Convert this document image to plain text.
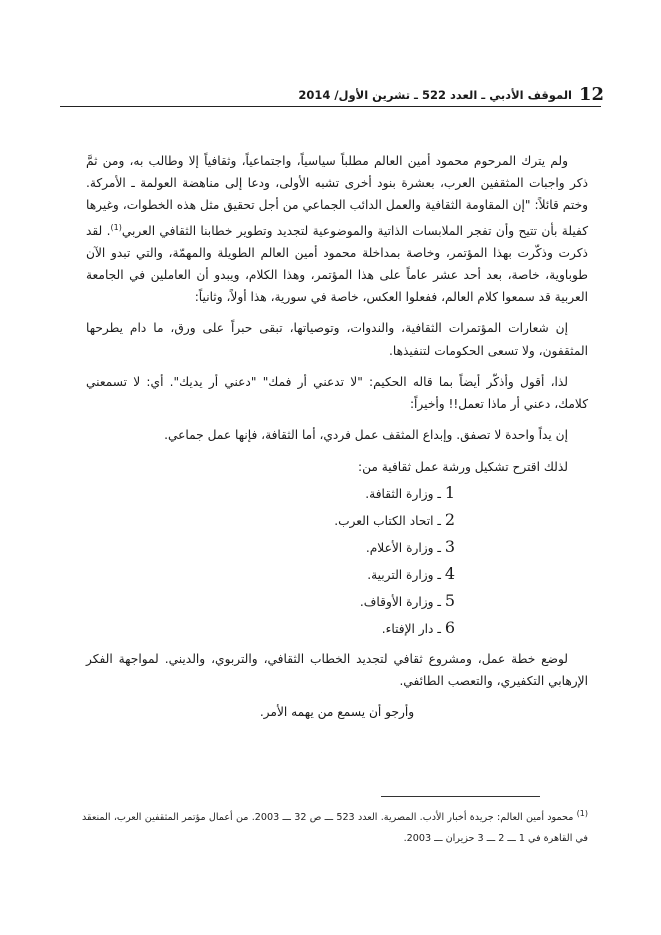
12
الموقف الأدبي ـ العدد 522 ـ تشرين الأول/ 2014

ولم يترك المرحوم محمود أمين العالم مطلباً سياسياً، واجتماعياً، وثقافياً إلا وطالب به، ومن ثمَّ ذكر واجبات المثقفين العرب، بعشرة بنود أخرى تشبه الأولى، ودعا إلى مناهضة العولمة ـ الأمركة. وختم قائلاً: "إن المقاومة الثقافية والعمل الدائب الجماعي من أجل تحقيق مثل هذه الخطوات، وغيرها كفيلة بأن تتيح وأن تفجر الملابسات الذاتية والموضوعية لتجديد وتطوير خطابنا الثقافي العربي$^{(1)}$. لقد ذكرت وذكّرت بهذا المؤتمر، وخاصة بمداخلة محمود أمين العالم الطويلة والمهمّة، والتي تبدو الآن طوباوية، خاصة، بعد أحد عشر عاماً على هذا المؤتمر، وهذا الكلام، ويبدو أن العاملين في الجامعة العربية قد سمعوا كلام العالم، ففعلوا العكس، خاصة في سورية، هذا أولاً، وثانياً:

إن شعارات المؤتمرات الثقافية، والندوات، وتوصياتها، تبقى حبراً على ورق، ما دام يطرحها المثقفون، ولا تسعى الحكومات لتنفيذها.

لذا، أقول وأذكّر أيضاً بما قاله الحكيم: "لا تدعني أر فمك" "دعني أر يديك". أي: لا تسمعني كلامك، دعني أر ماذا تعمل!! وأخيراً:

إن يداً واحدة لا تصفق. وإبداع المثقف عمل فردي، أما الثقافة، فإنها عمل جماعي.

لذلك اقترح تشكيل ورشة عمل ثقافية من:

1 ـ وزارة الثقافة.
2 ـ اتحاد الكتاب العرب.
3 ـ وزارة الأعلام.
4 ـ وزارة التربية.
5 ـ وزارة الأوقاف.
6 ـ دار الإفتاء.

لوضع خطة عمل، ومشروع ثقافي لتجديد الخطاب الثقافي، والتربوي، والديني. لمواجهة الفكر الإرهابي التكفيري، والتعصب الطائفي.

وأرجو أن يسمع من يهمه الأمر.

$^{(1)}$ محمود أمين العالم: جريدة أخبار الأدب. المصرية. العدد 523 ـــ ص 32 ـــ 2003. من أعمال مؤتمر المثقفين العرب، المنعقد في القاهرة في 1 ـــ 2 ـــ 3 حزيران ـــ 2003.
